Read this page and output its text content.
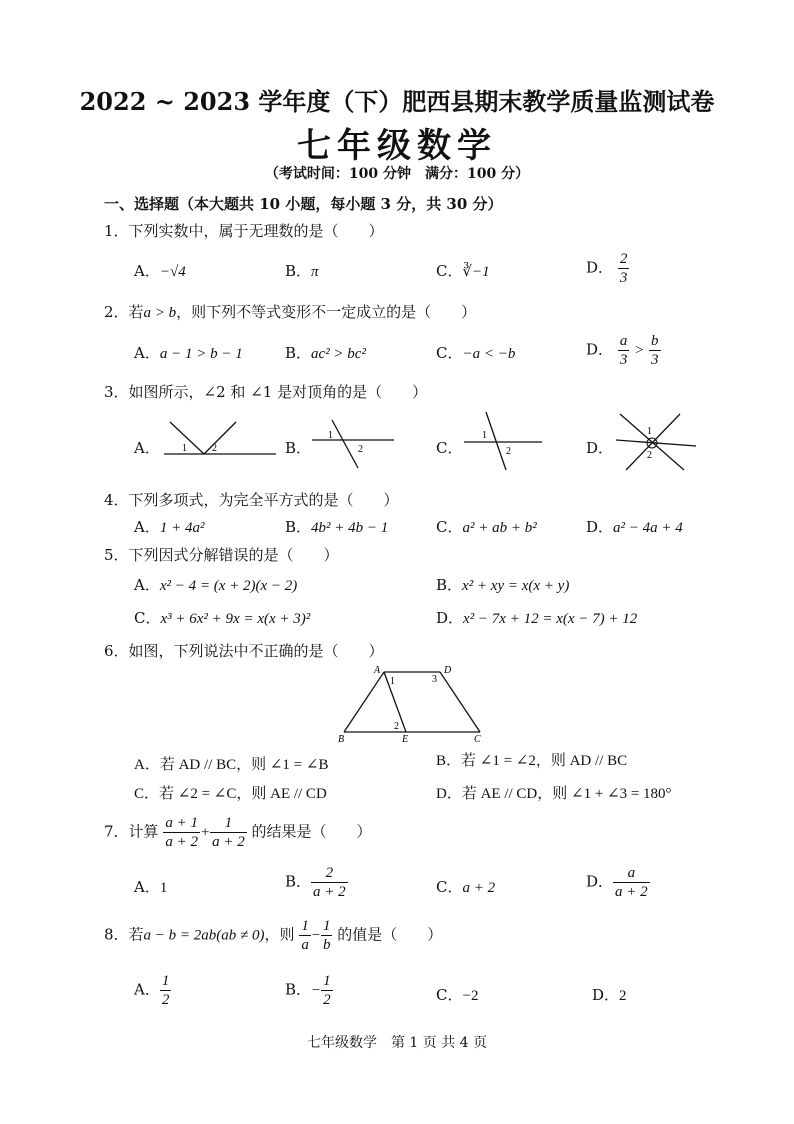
2022 ~ 2023 学年度（下）肥西县期末教学质量监测试卷
七年级数学
（考试时间：100 分钟　满分：100 分）
一、选择题（本大题共 10 小题，每小题 3 分，共 30 分）
1．下列实数中，属于无理数的是（　　）
A．−√4	B．π	C．∛−1	D． $\frac{2}{3}$
2．若a > b，则下列不等式变形不一定成立的是（　　）
A．a − 1 > b − 1	B．ac² > bc²	C．−a < −b	D． $\frac{a}{3} > \frac{b}{3}$
3．如图所示，∠2 和 ∠1 是对顶角的是（　　）
A． 1	2	B．
1
2	C．
1
2	D．
1
2
4．下列多项式，为完全平方式的是（　　）
A．1 + 4a²	B．4b² + 4b − 1	C．a² + ab + b²	D．a² − 4a + 4
5．下列因式分解错误的是（　　）
A．x² − 4 = (x + 2)(x − 2)	B．x² + xy = x(x + y)
C．x³ + 6x² + 9x = x(x + 3)²	D．x² − 7x + 12 = x(x − 7) + 12
6．如图，下列说法中不正确的是（　　）
A	D
B	E	C
1
2
3
A．若 AD // BC，则 ∠1 = ∠B	B．若 ∠1 = ∠2，则 AD // BC
C．若 ∠2 = ∠C，则 AE // CD	D．若 AE // CD，则 ∠1 + ∠3 = 180°
7．计算 $\frac{a + 1}{a + 2} + \frac{1}{a + 2}$ 的结果是（　　）
A．1	B． $\frac{2}{a + 2}$	C．a + 2	D． $\frac{a}{a + 2}$
8．若a − b = 2ab(ab ≠ 0)，则 $\frac{1}{a} - \frac{1}{b}$ 的值是（　　）
A． $\frac{1}{2}$	B．− $\frac{1}{2}$	C．−2	D．2
七年级数学　第 1 页 共 4 页
